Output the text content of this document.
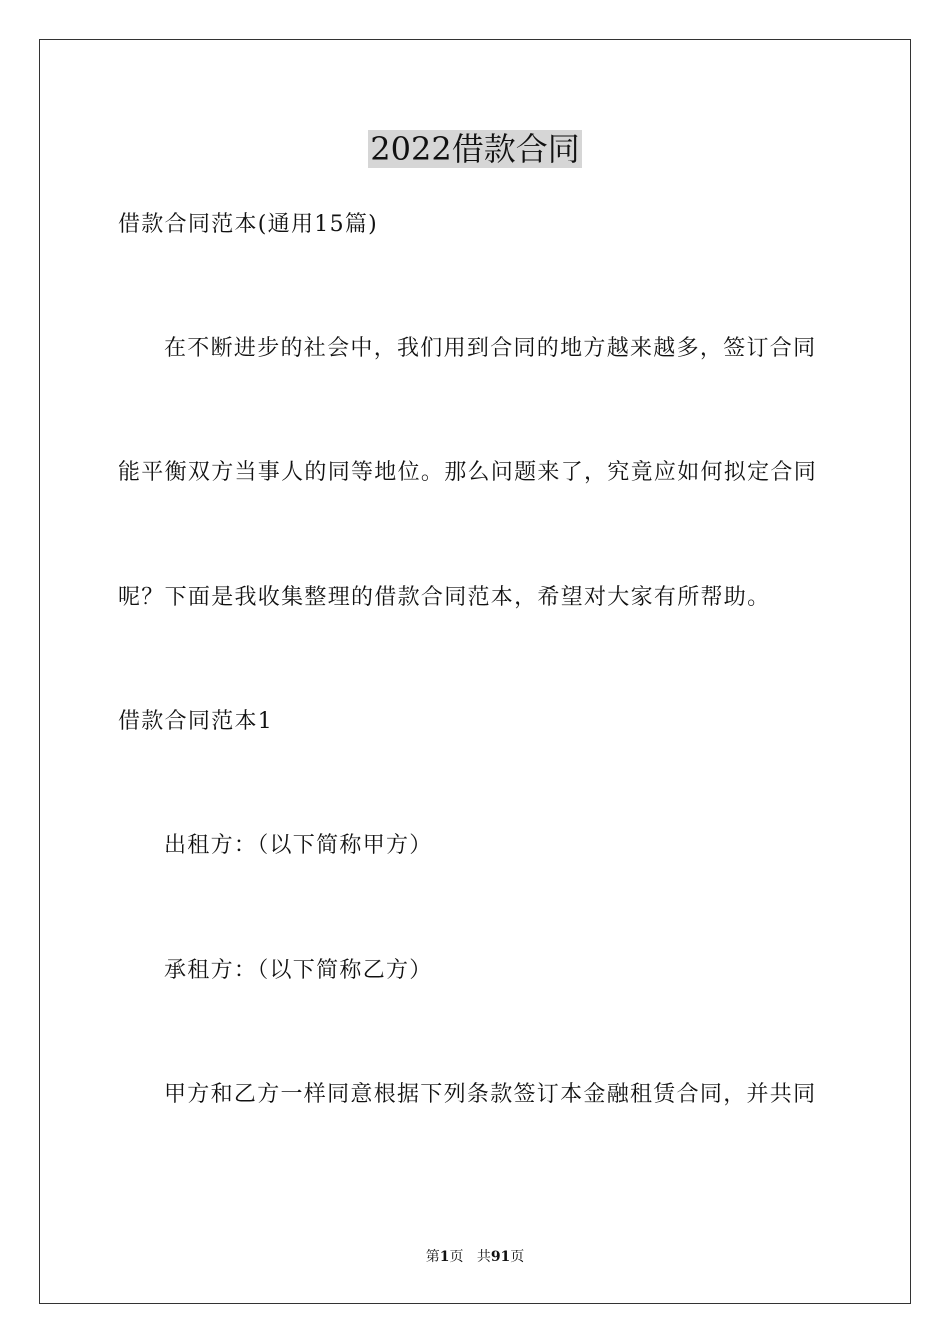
2022借款合同
借款合同范本(通用15篇)
在不断进步的社会中，我们用到合同的地方越来越多，签订合同
能平衡双方当事人的同等地位。那么问题来了，究竟应如何拟定合同
呢？下面是我收集整理的借款合同范本，希望对大家有所帮助。
借款合同范本1
出租方：（以下简称甲方）
承租方：（以下简称乙方）
甲方和乙方一样同意根据下列条款签订本金融租赁合同，并共同
第1页 共91页
